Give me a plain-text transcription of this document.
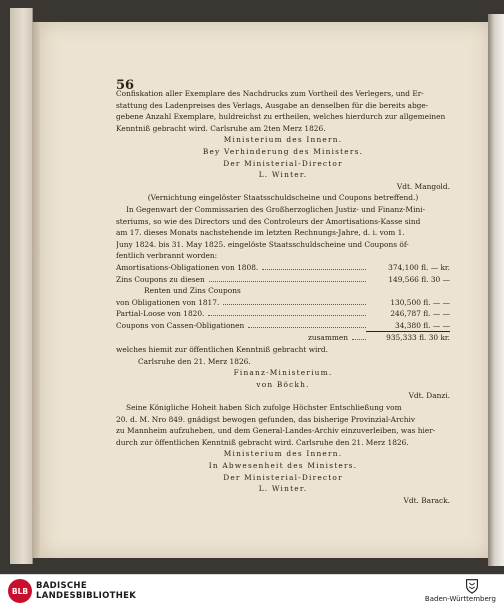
56
Confiskation aller Exemplare des Nachdrucks zum Vortheil des Verlegers, und Er-
stattung des Ladenpreises des Verlags, Ausgabe an denselben für die bereits abge-
gebene Anzahl Exemplare, huldreichst zu ertheilen, welches hierdurch zur allgemeinen
Kenntniß gebracht wird. Carlsruhe am 2ten Merz 1826.
Ministerium des Innern.
Bey Verhinderung des Ministers.
Der Ministerial-Director
L. Winter.
Vdt. Mangold.
(Vernichtung eingelöster Staatsschuldscheine und Coupons betreffend.)
In Gegenwart der Commissarien des Großherzoglichen Justiz- und Finanz-Mini-
steriums, so wie des Directors und des Controleurs der Amortisations-Kasse sind
am 17. dieses Monats nachstehende im letzten Rechnungs-Jahre, d. i. vom 1.
Juny 1824. bis 31. May 1825. eingelöste Staatsschuldscheine und Coupons öf-
fentlich verbrannt worden:
Amortisations-Obligationen von 1808.	374,100 fl. — kr.
Zins Coupons zu diesen	149,566 fl. 30 —
Renten und Zins Coupons
von Obligationen von 1817.	130,500 fl. — —
Partial-Loose von 1820.	246,787 fl. — —
Coupons von Cassen-Obligationen	34,380 fl. — —
zusammen	935,333 fl. 30 kr.
welches hiemit zur öffentlichen Kenntniß gebracht wird.
Carlsruhe den 21. Merz 1826.
Finanz-Ministerium.
von Böckh.
Vdt. Danzi.
Seine Königliche Hoheit haben Sich zufolge Höchster Entschließung vom
20. d. M. Nro 849. gnädigst bewogen gefunden, das bisherige Provinzial-Archiv
zu Mannheim aufzuheben, und dem General-Landes-Archiv einzuverleiben, was hier-
durch zur öffentlichen Kenntniß gebracht wird. Carlsruhe den 21. Merz 1826.
Ministerium des Innern.
In Abwesenheit des Ministers.
Der Ministerial-Director
L. Winter.
Vdt. Barack.
BLB BADISCHE
LANDESBIBLIOTHEK	Baden-Württemberg
